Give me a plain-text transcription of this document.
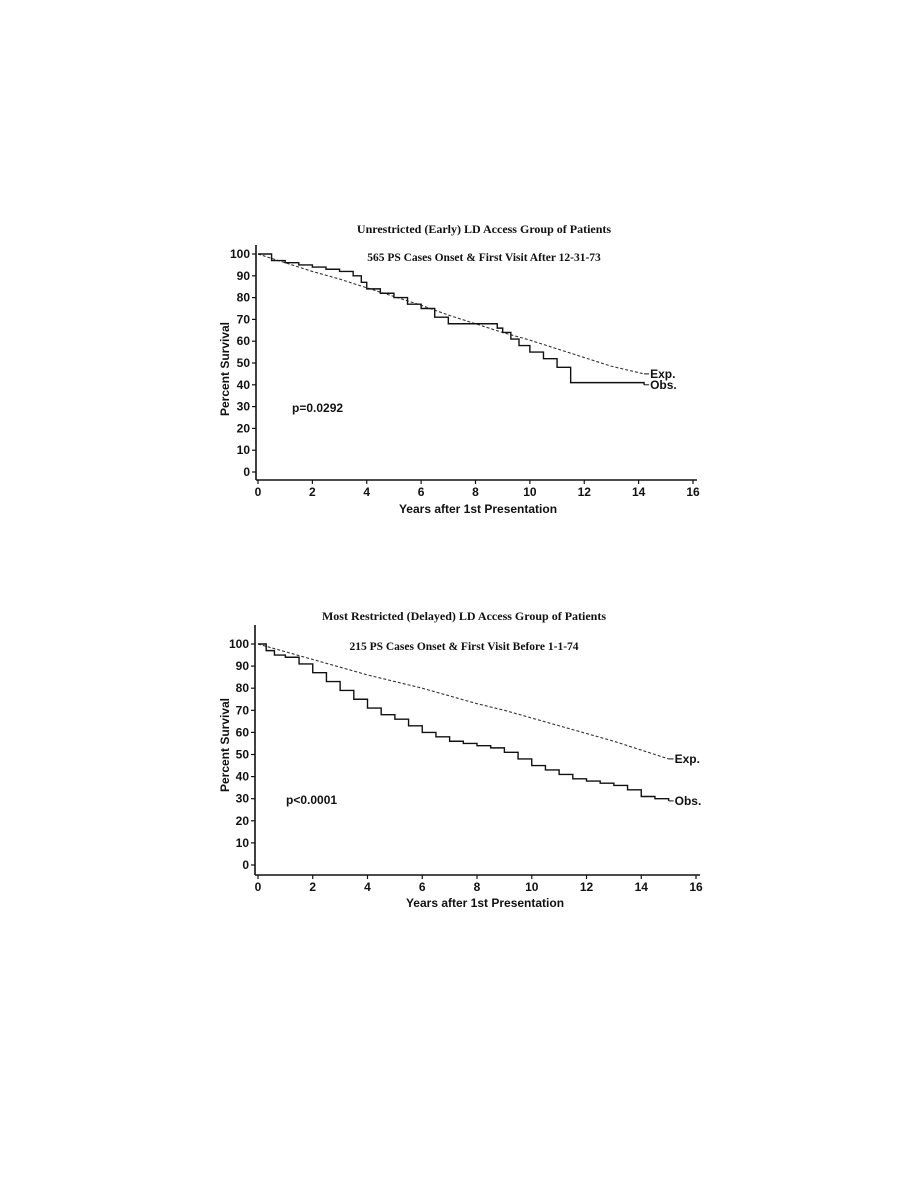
Unrestricted (Early) LD Access Group of Patients
565 PS Cases Onset & First Visit After 12-31-73
Years after 1st Presentation
Percent Survival	p=0.0292
0
10
20
30
40
50
60
70
80
90
100
0	2	4	6	8	10	12	14	16
Exp.
Obs.
Most Restricted (Delayed) LD Access Group of Patients
215 PS Cases Onset & First Visit Before 1-1-74
Years after 1st Presentation
Percent Survival
p<0.0001
0
10
20
30
40
50
60
70
80
90
100
0	2	4	6	8	10	12	14	16
Exp.
Obs.
